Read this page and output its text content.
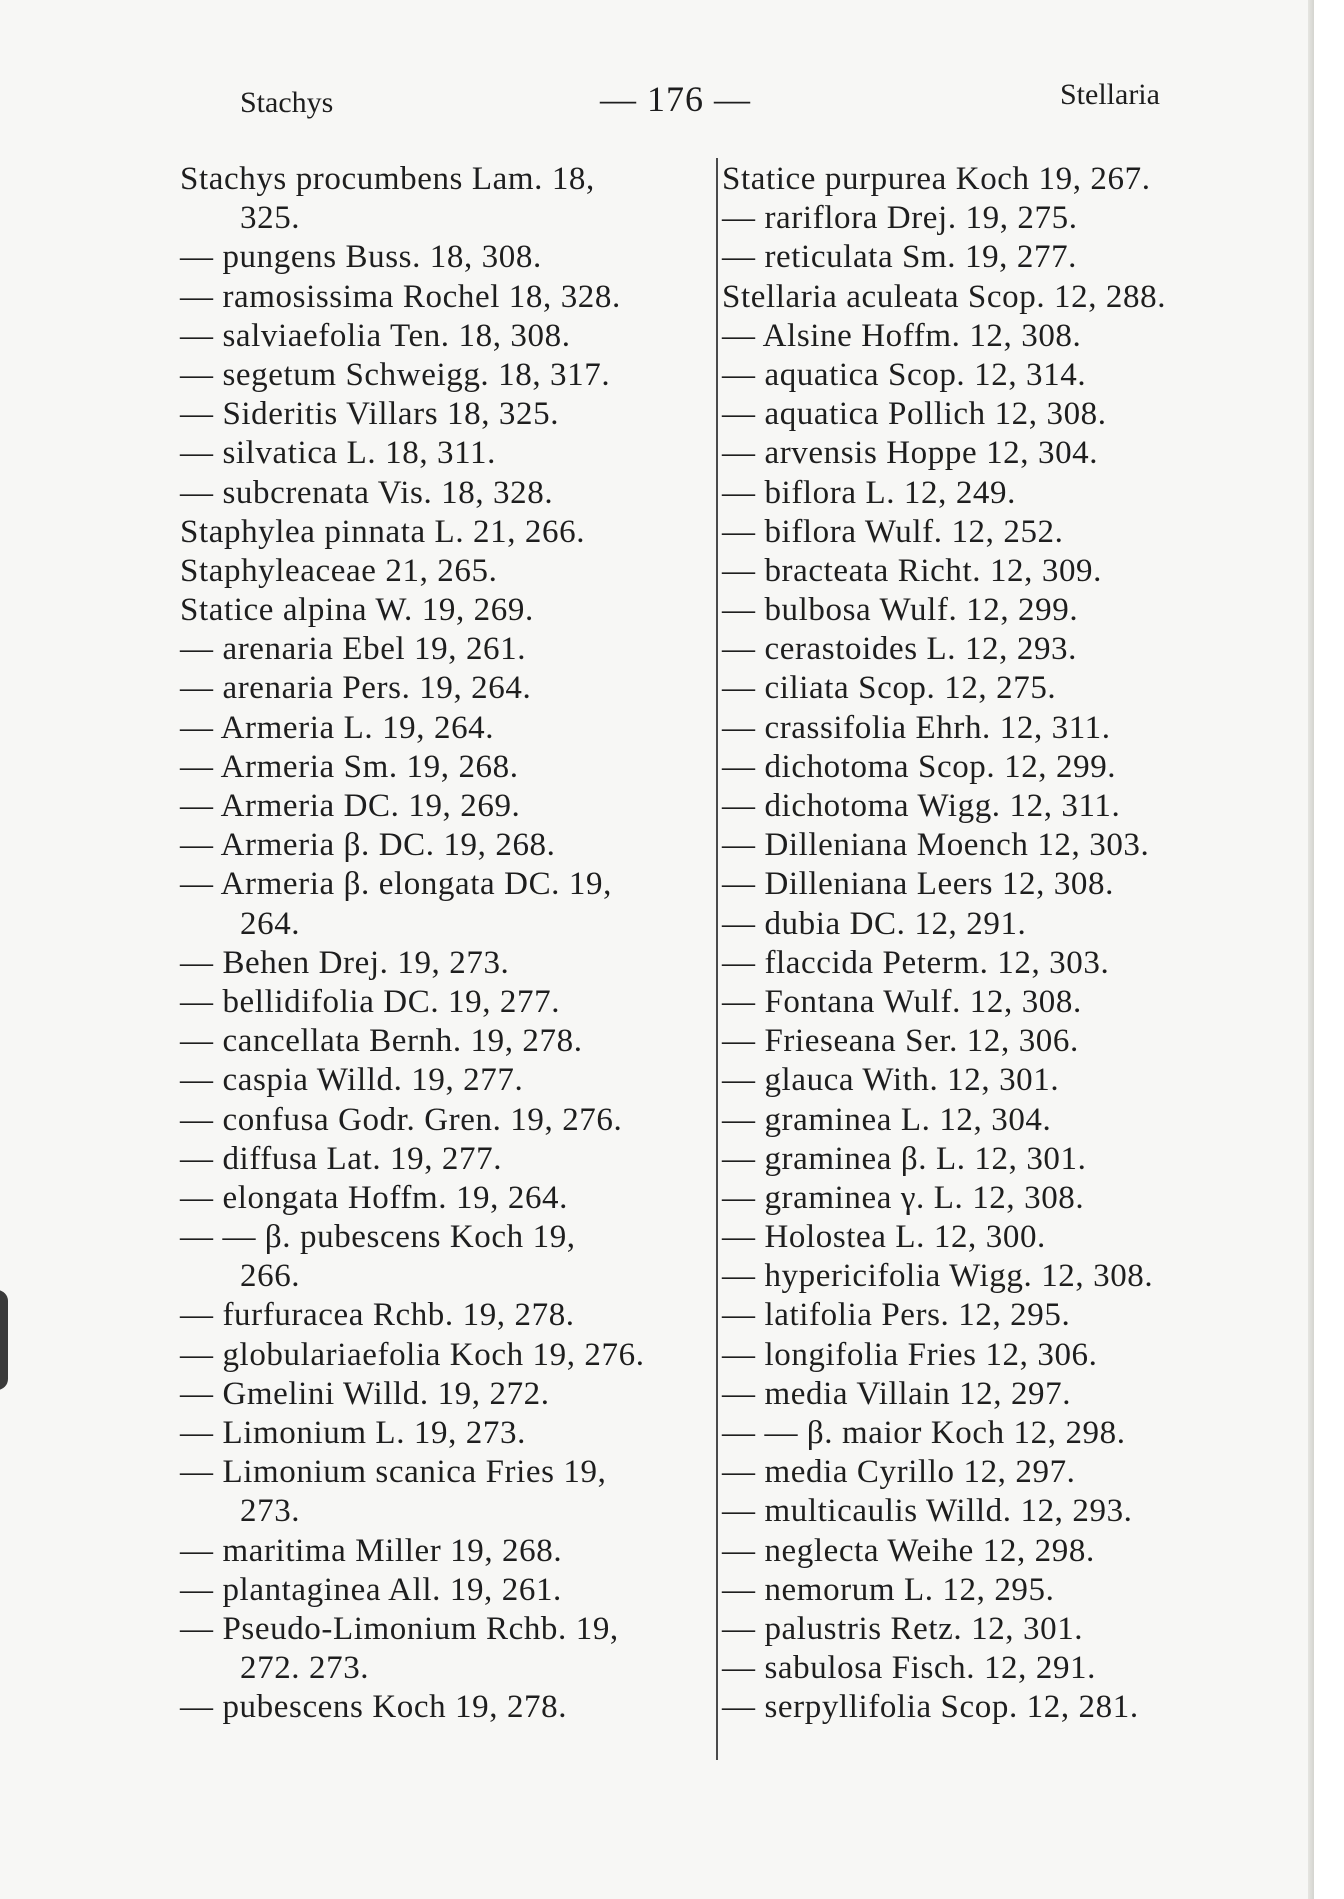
Stachys	— 176 —	Stellaria
Stachys procumbens Lam. 18,
325.
— pungens Buss. 18, 308.
— ramosissima Rochel 18, 328.
— salviaefolia Ten. 18, 308.
— segetum Schweigg. 18, 317.
— Sideritis Villars 18, 325.
— silvatica L. 18, 311.
— subcrenata Vis. 18, 328.
Staphylea pinnata L. 21, 266.
Staphyleaceae 21, 265.
Statice alpina W. 19, 269.
— arenaria Ebel 19, 261.
— arenaria Pers. 19, 264.
— Armeria L. 19, 264.
— Armeria Sm. 19, 268.
— Armeria DC. 19, 269.
— Armeria β. DC. 19, 268.
— Armeria β. elongata DC. 19,
264.
— Behen Drej. 19, 273.
— bellidifolia DC. 19, 277.
— cancellata Bernh. 19, 278.
— caspia Willd. 19, 277.
— confusa Godr. Gren. 19, 276.
— diffusa Lat. 19, 277.
— elongata Hoffm. 19, 264.
— — β. pubescens Koch 19,
266.
— furfuracea Rchb. 19, 278.
— globulariaefolia Koch 19, 276.
— Gmelini Willd. 19, 272.
— Limonium L. 19, 273.
— Limonium scanica Fries 19,
273.
— maritima Miller 19, 268.
— plantaginea All. 19, 261.
— Pseudo-Limonium Rchb. 19,
272. 273.
— pubescens Koch 19, 278.
Statice purpurea Koch 19, 267.
— rariflora Drej. 19, 275.
— reticulata Sm. 19, 277.
Stellaria aculeata Scop. 12, 288.
— Alsine Hoffm. 12, 308.
— aquatica Scop. 12, 314.
— aquatica Pollich 12, 308.
— arvensis Hoppe 12, 304.
— biflora L. 12, 249.
— biflora Wulf. 12, 252.
— bracteata Richt. 12, 309.
— bulbosa Wulf. 12, 299.
— cerastoides L. 12, 293.
— ciliata Scop. 12, 275.
— crassifolia Ehrh. 12, 311.
— dichotoma Scop. 12, 299.
— dichotoma Wigg. 12, 311.
— Dilleniana Moench 12, 303.
— Dilleniana Leers 12, 308.
— dubia DC. 12, 291.
— flaccida Peterm. 12, 303.
— Fontana Wulf. 12, 308.
— Frieseana Ser. 12, 306.
— glauca With. 12, 301.
— graminea L. 12, 304.
— graminea β. L. 12, 301.
— graminea γ. L. 12, 308.
— Holostea L. 12, 300.
— hypericifolia Wigg. 12, 308.
— latifolia Pers. 12, 295.
— longifolia Fries 12, 306.
— media Villain 12, 297.
— — β. maior Koch 12, 298.
— media Cyrillo 12, 297.
— multicaulis Willd. 12, 293.
— neglecta Weihe 12, 298.
— nemorum L. 12, 295.
— palustris Retz. 12, 301.
— sabulosa Fisch. 12, 291.
— serpyllifolia Scop. 12, 281.
